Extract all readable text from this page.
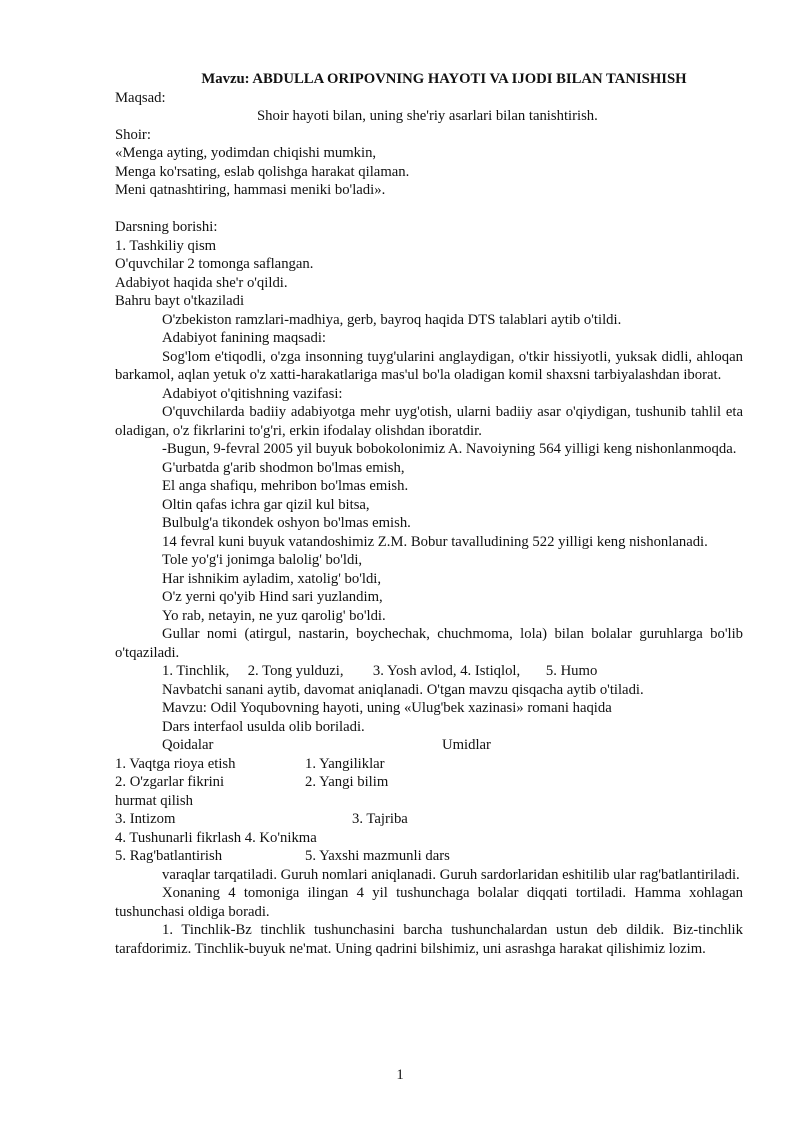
Mavzu: ABDULLA ORIPOVNING HAYOTI VA IJODI BILAN TANISHISH

Maqsad:

Shoir hayoti bilan, uning she'riy asarlari bilan tanishtirish.

Shoir:

«Menga ayting, yodimdan chiqishi mumkin,

Menga ko'rsating, eslab qolishga harakat qilaman.

Meni qatnashtiring, hammasi meniki bo'ladi».

Darsning borishi:

1. Tashkiliy qism

O'quvchilar 2 tomonga saflangan.

Adabiyot haqida she'r o'qildi.

Bahru bayt o'tkaziladi

O'zbekiston ramzlari-madhiya, gerb, bayroq haqida DTS talablari aytib o'tildi.

Adabiyot fanining maqsadi:

Sog'lom e'tiqodli, o'zga insonning tuyg'ularini anglaydigan, o'tkir hissiyotli, yuksak didli, ahloqan barkamol, aqlan yetuk o'z xatti-harakatlariga mas'ul bo'la oladigan komil shaxsni tarbiyalashdan iborat.

Adabiyot o'qitishning vazifasi:

O'quvchilarda badiiy adabiyotga mehr uyg'otish, ularni badiiy asar o'qiydigan, tushunib tahlil eta oladigan, o'z fikrlarini to'g'ri, erkin ifodalay olishdan iboratdir.

-Bugun, 9-fevral 2005 yil buyuk bobokolonimiz A. Navoiyning 564 yilligi keng nishonlanmoqda.

G'urbatda g'arib shodmon bo'lmas emish,

El anga shafiqu, mehribon bo'lmas emish.

Oltin qafas ichra gar qizil kul bitsa,

Bulbulg'a tikondek oshyon bo'lmas emish.

14 fevral kuni buyuk vatandoshimiz Z.M. Bobur tavalludining 522 yilligi keng nishonlanadi.

Tole yo'g'i jonimga balolig' bo'ldi,

Har ishnikim ayladim, xatolig' bo'ldi,

O'z yerni qo'yib Hind sari yuzlandim,

Yo rab, netayin, ne yuz qarolig' bo'ldi.

Gullar nomi (atirgul, nastarin, boychechak, chuchmoma, lola) bilan bolalar guruhlarga bo'lib o'tqaziladi.

1. Tinchlik,     2. Tong yulduzi,        3. Yosh avlod, 4. Istiqlol,       5. Humo

Navbatchi sanani aytib, davomat aniqlanadi. O'tgan mavzu qisqacha aytib o'tiladi.

Mavzu: Odil Yoqubovning hayoti, uning «Ulug'bek xazinasi» romani haqida

Dars interfaol usulda olib boriladi.

Qoidalar	Umidlar
1. Vaqtga rioya etish	1. Yangiliklar
2. O'zgarlar fikrini	2. Yangi bilim
hurmat qilish
3. Intizom	3. Tajriba
4. Tushunarli fikrlash 4. Ko'nikma
5. Rag'batlantirish	5. Yaxshi mazmunli dars

varaqlar tarqatiladi. Guruh nomlari aniqlanadi. Guruh sardorlaridan eshitilib ular rag'batlantiriladi.

Xonaning 4 tomoniga ilingan 4 yil tushunchaga bolalar diqqati tortiladi. Hamma xohlagan tushunchasi oldiga boradi.

1. Tinchlik-Bz tinchlik tushunchasini barcha tushunchalardan ustun deb dildik. Biz-tinchlik tarafdorimiz. Tinchlik-buyuk ne'mat. Uning qadrini bilshimiz, uni asrashga harakat qilishimiz lozim.

1
